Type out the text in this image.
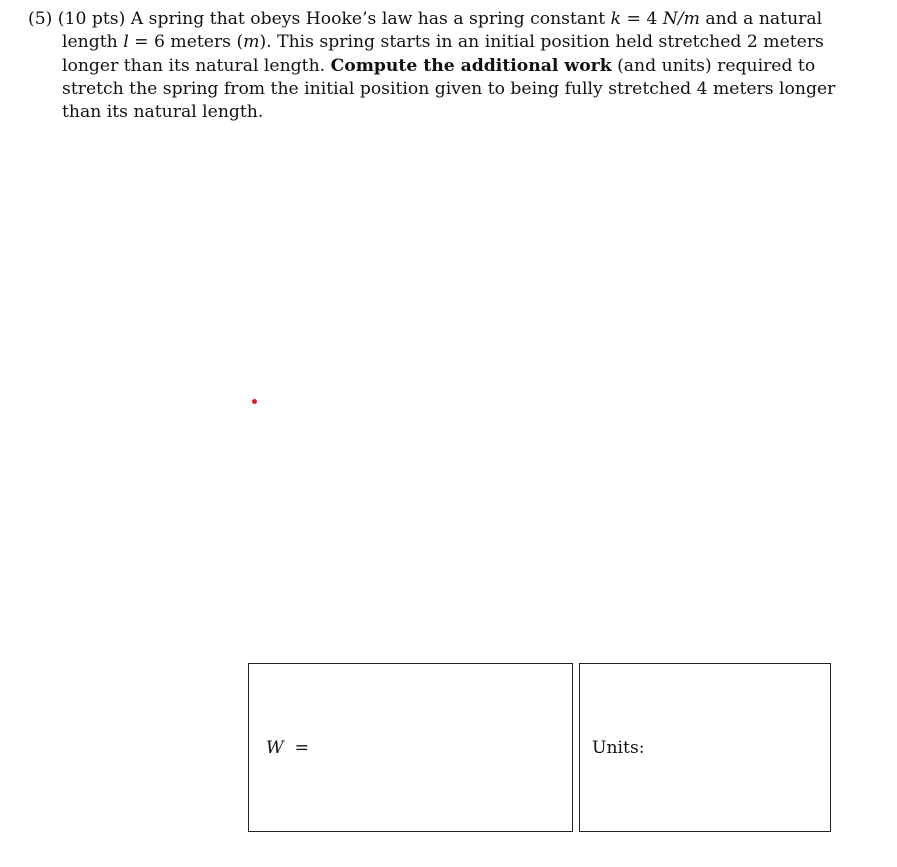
(5) (10 pts) A spring that obeys Hooke’s law has a spring constant k = 4 N/m and a natural
length l = 6 meters (m). This spring starts in an initial position held stretched 2 meters
longer than its natural length. Compute the additional work (and units) required to
stretch the spring from the initial position given to being fully stretched 4 meters longer
than its natural length.
W =	Units:
